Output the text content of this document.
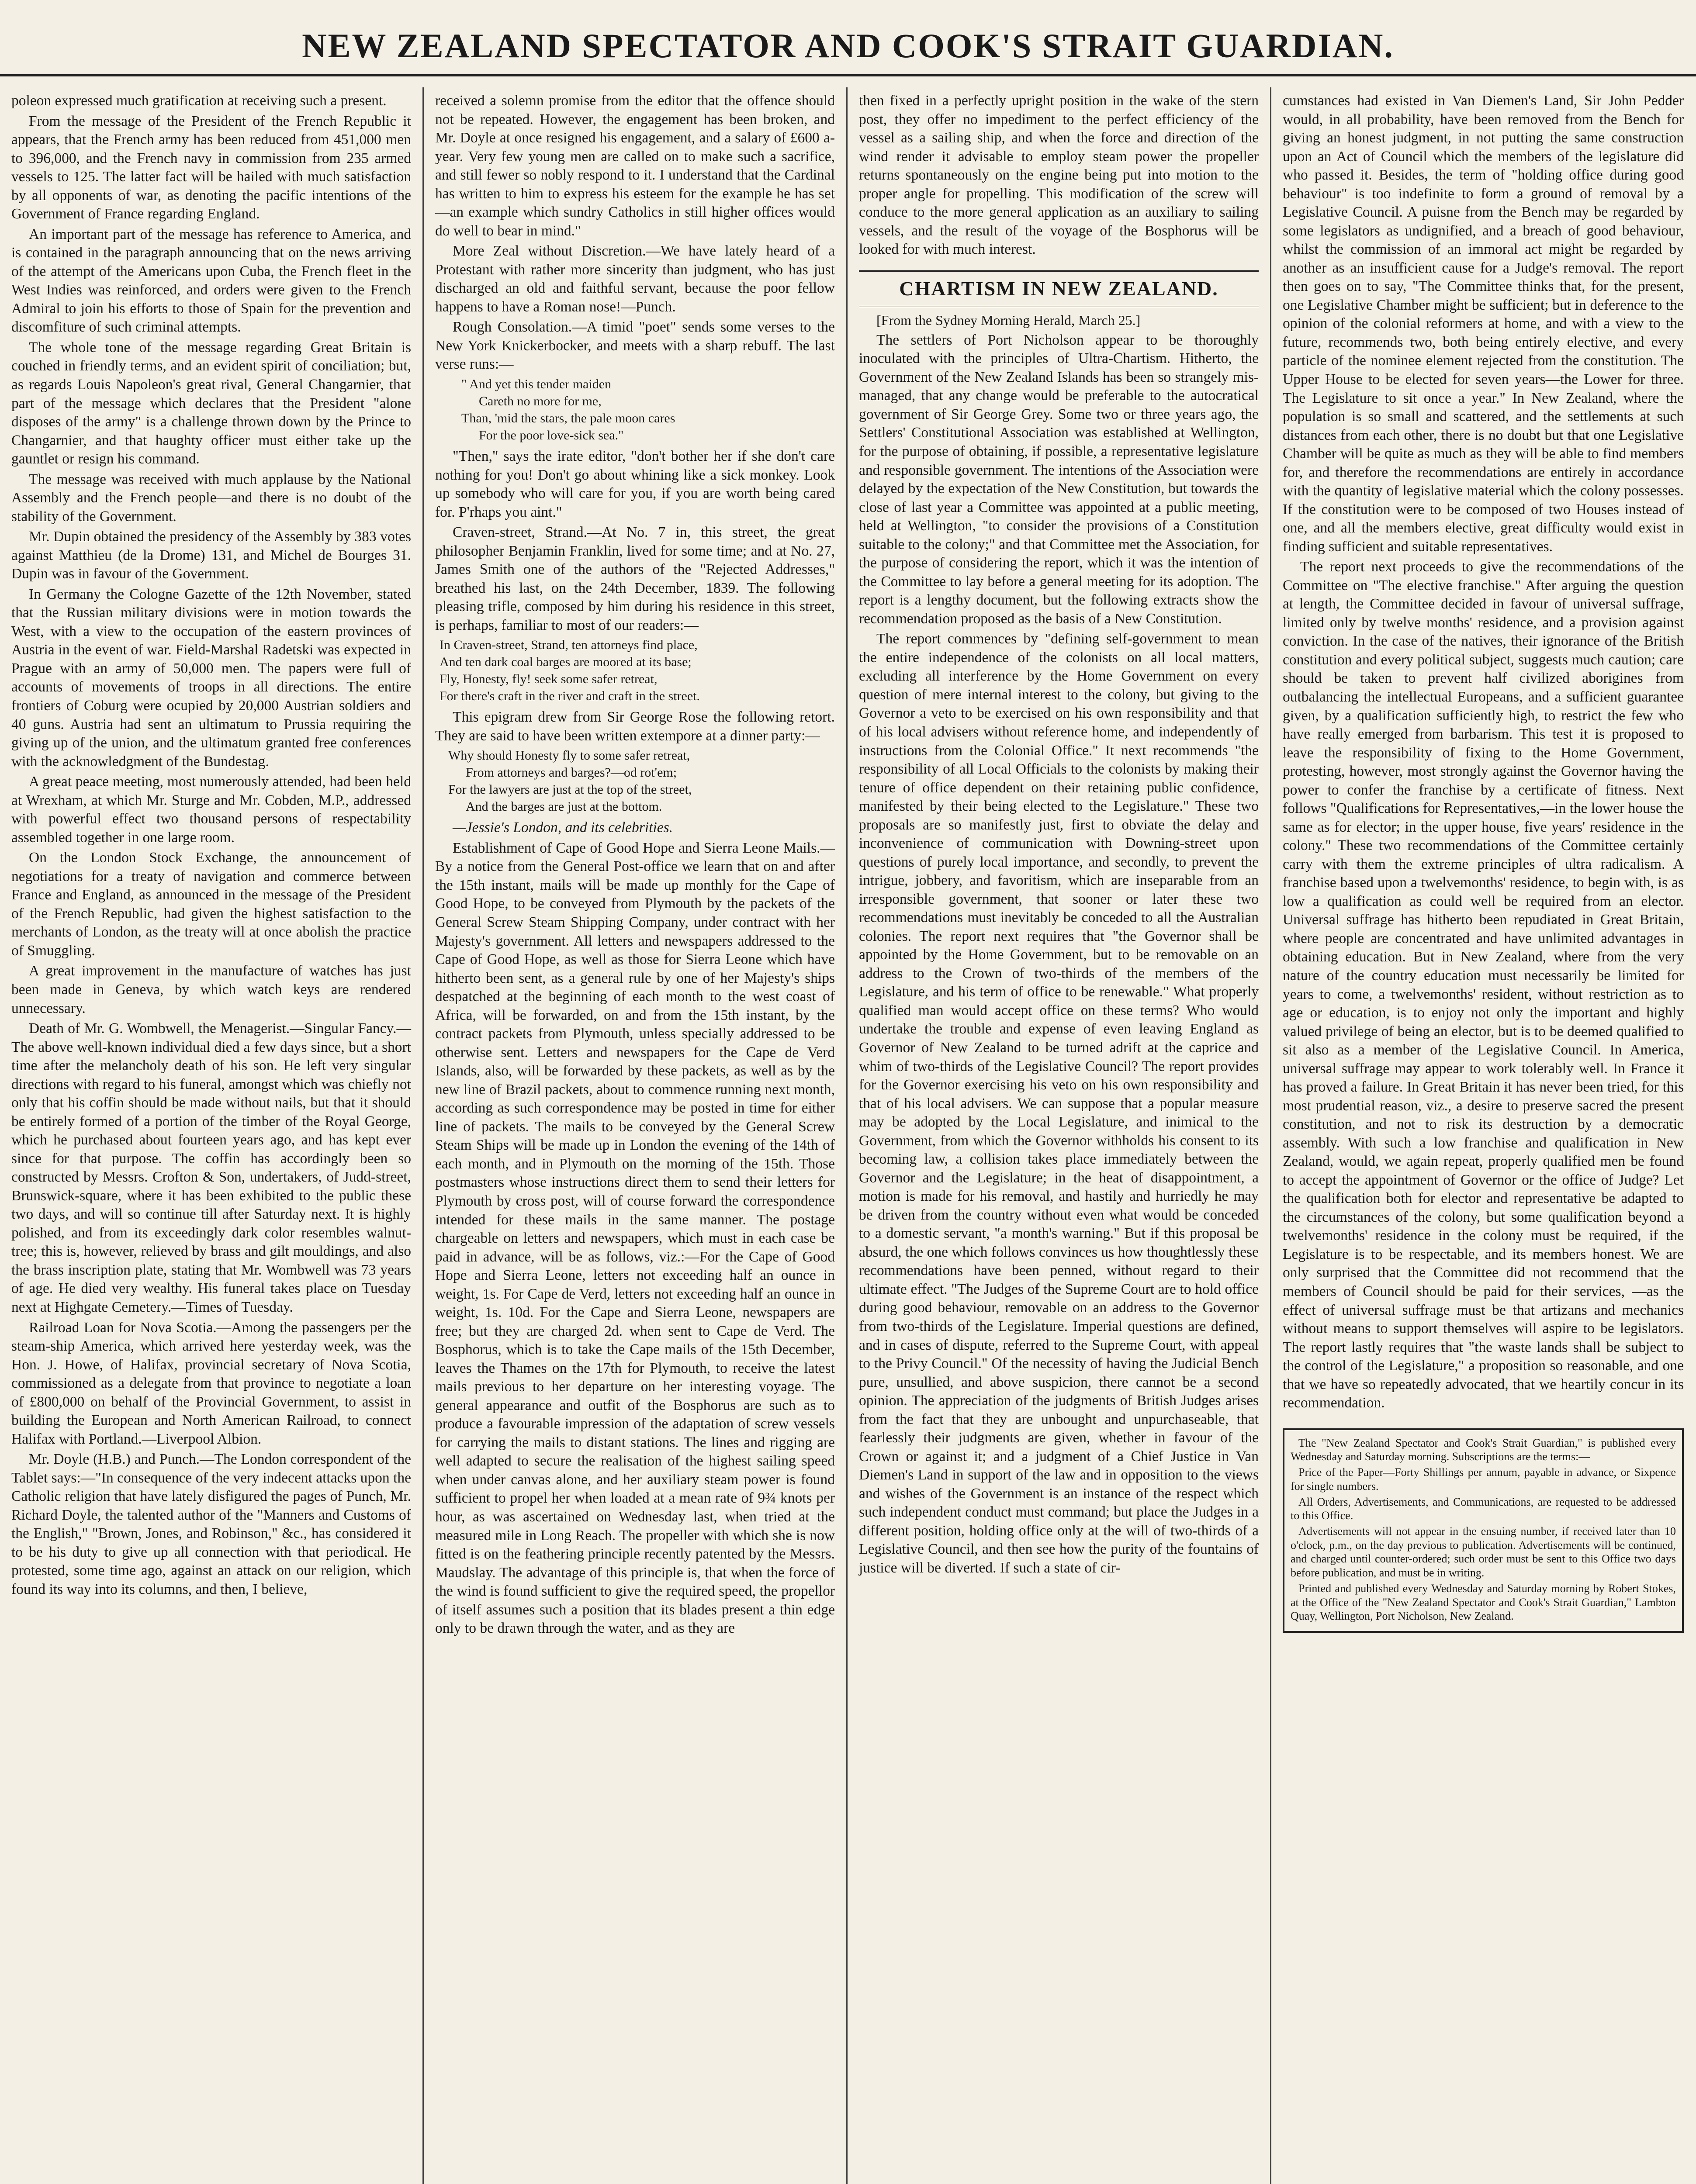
NEW ZEALAND SPECTATOR AND COOK'S STRAIT GUARDIAN.

poleon expressed much gratification at receiving such a present.

From the message of the President of the French Republic it appears, that the French army has been reduced from 451,000 men to 396,000, and the French navy in commission from 235 armed vessels to 125. The latter fact will be hailed with much satisfaction by all opponents of war, as denoting the pacific intentions of the Government of France regarding England.

An important part of the message has reference to America, and is contained in the paragraph announcing that on the news arriving of the attempt of the Americans upon Cuba, the French fleet in the West Indies was reinforced, and orders were given to the French Admiral to join his efforts to those of Spain for the prevention and discomfiture of such criminal attempts.

The whole tone of the message regarding Great Britain is couched in friendly terms, and an evident spirit of conciliation; but, as regards Louis Napoleon's great rival, General Changarnier, that part of the message which declares that the President "alone disposes of the army" is a challenge thrown down by the Prince to Changarnier, and that haughty officer must either take up the gauntlet or resign his command.

The message was received with much applause by the National Assembly and the French people—and there is no doubt of the stability of the Government.

Mr. Dupin obtained the presidency of the Assembly by 383 votes against Matthieu (de la Drome) 131, and Michel de Bourges 31. Dupin was in favour of the Government.

In Germany the Cologne Gazette of the 12th November, stated that the Russian military divisions were in motion towards the West, with a view to the occupation of the eastern provinces of Austria in the event of war. Field-Marshal Radetski was expected in Prague with an army of 50,000 men. The papers were full of accounts of movements of troops in all directions. The entire frontiers of Coburg were ocupied by 20,000 Austrian soldiers and 40 guns. Austria had sent an ultimatum to Prussia requiring the giving up of the union, and the ultimatum granted free conferences with the acknowledgment of the Bundestag.

A great peace meeting, most numerously attended, had been held at Wrexham, at which Mr. Sturge and Mr. Cobden, M.P., addressed with powerful effect two thousand persons of respectability assembled together in one large room.

On the London Stock Exchange, the announcement of negotiations for a treaty of navigation and commerce between France and England, as announced in the message of the President of the French Republic, had given the highest satisfaction to the merchants of London, as the treaty will at once abolish the practice of Smuggling.

A great improvement in the manufacture of watches has just been made in Geneva, by which watch keys are rendered unnecessary.

Death of Mr. G. Wombwell, the Menagerist.—Singular Fancy.—The above well-known individual died a few days since, but a short time after the melancholy death of his son. He left very singular directions with regard to his funeral, amongst which was chiefly not only that his coffin should be made without nails, but that it should be entirely formed of a portion of the timber of the Royal George, which he purchased about fourteen years ago, and has kept ever since for that purpose. The coffin has accordingly been so constructed by Messrs. Crofton & Son, undertakers, of Judd-street, Brunswick-square, where it has been exhibited to the public these two days, and will so continue till after Saturday next. It is highly polished, and from its exceedingly dark color resembles walnut-tree; this is, however, relieved by brass and gilt mouldings, and also the brass inscription plate, stating that Mr. Wombwell was 73 years of age. He died very wealthy. His funeral takes place on Tuesday next at Highgate Cemetery.—Times of Tuesday.

Railroad Loan for Nova Scotia.—Among the passengers per the steam-ship America, which arrived here yesterday week, was the Hon. J. Howe, of Halifax, provincial secretary of Nova Scotia, commissioned as a delegate from that province to negotiate a loan of £800,000 on behalf of the Provincial Government, to assist in building the European and North American Railroad, to connect Halifax with Portland.—Liverpool Albion.

Mr. Doyle (H.B.) and Punch.—The London correspondent of the Tablet says:—"In consequence of the very indecent attacks upon the Catholic religion that have lately disfigured the pages of Punch, Mr. Richard Doyle, the talented author of the "Manners and Customs of the English," "Brown, Jones, and Robinson," &c., has considered it to be his duty to give up all connection with that periodical. He protested, some time ago, against an attack on our religion, which found its way into its columns, and then, I believe,

received a solemn promise from the editor that the offence should not be repeated. However, the engagement has been broken, and Mr. Doyle at once resigned his engagement, and a salary of £600 a-year. Very few young men are called on to make such a sacrifice, and still fewer so nobly respond to it. I understand that the Cardinal has written to him to express his esteem for the example he has set—an example which sundry Catholics in still higher offices would do well to bear in mind."

More Zeal without Discretion.—We have lately heard of a Protestant with rather more sincerity than judgment, who has just discharged an old and faithful servant, because the poor fellow happens to have a Roman nose!—Punch.

Rough Consolation.—A timid "poet" sends some verses to the New York Knickerbocker, and meets with a sharp rebuff. The last verse runs:—

" And yet this tender maiden
Careth no more for me,
Than, 'mid the stars, the pale moon cares
For the poor love-sick sea."

"Then," says the irate editor, "don't bother her if she don't care nothing for you! Don't go about whining like a sick monkey. Look up somebody who will care for you, if you are worth being cared for. P'rhaps you aint."

Craven-street, Strand.—At No. 7 in, this street, the great philosopher Benjamin Franklin, lived for some time; and at No. 27, James Smith one of the authors of the "Rejected Addresses," breathed his last, on the 24th December, 1839. The following pleasing trifle, composed by him during his residence in this street, is perhaps, familiar to most of our readers:—

In Craven-street, Strand, ten attorneys find place,
And ten dark coal barges are moored at its base;
Fly, Honesty, fly! seek some safer retreat,
For there's craft in the river and craft in the street.

This epigram drew from Sir George Rose the following retort. They are said to have been written extempore at a dinner party:—

Why should Honesty fly to some safer retreat,
From attorneys and barges?—od rot'em;
For the lawyers are just at the top of the street,
And the barges are just at the bottom.

—Jessie's London, and its celebrities.

Establishment of Cape of Good Hope and Sierra Leone Mails.—By a notice from the General Post-office we learn that on and after the 15th instant, mails will be made up monthly for the Cape of Good Hope, to be conveyed from Plymouth by the packets of the General Screw Steam Shipping Company, under contract with her Majesty's government. All letters and newspapers addressed to the Cape of Good Hope, as well as those for Sierra Leone which have hitherto been sent, as a general rule by one of her Majesty's ships despatched at the beginning of each month to the west coast of Africa, will be forwarded, on and from the 15th instant, by the contract packets from Plymouth, unless specially addressed to be otherwise sent. Letters and newspapers for the Cape de Verd Islands, also, will be forwarded by these packets, as well as by the new line of Brazil packets, about to commence running next month, according as such correspondence may be posted in time for either line of packets. The mails to be conveyed by the General Screw Steam Ships will be made up in London the evening of the 14th of each month, and in Plymouth on the morning of the 15th. Those postmasters whose instructions direct them to send their letters for Plymouth by cross post, will of course forward the correspondence intended for these mails in the same manner. The postage chargeable on letters and newspapers, which must in each case be paid in advance, will be as follows, viz.:—For the Cape of Good Hope and Sierra Leone, letters not exceeding half an ounce in weight, 1s. For Cape de Verd, letters not exceeding half an ounce in weight, 1s. 10d. For the Cape and Sierra Leone, newspapers are free; but they are charged 2d. when sent to Cape de Verd. The Bosphorus, which is to take the Cape mails of the 15th December, leaves the Thames on the 17th for Plymouth, to receive the latest mails previous to her departure on her interesting voyage. The general appearance and outfit of the Bosphorus are such as to produce a favourable impression of the adaptation of screw vessels for carrying the mails to distant stations. The lines and rigging are well adapted to secure the realisation of the highest sailing speed when under canvas alone, and her auxiliary steam power is found sufficient to propel her when loaded at a mean rate of 9¾ knots per hour, as was ascertained on Wednesday last, when tried at the measured mile in Long Reach. The propeller with which she is now fitted is on the feathering principle recently patented by the Messrs. Maudslay. The advantage of this principle is, that when the force of the wind is found sufficient to give the required speed, the propellor of itself assumes such a position that its blades present a thin edge only to be drawn through the water, and as they are

then fixed in a perfectly upright position in the wake of the stern post, they offer no impediment to the perfect efficiency of the vessel as a sailing ship, and when the force and direction of the wind render it advisable to employ steam power the propeller returns spontaneously on the engine being put into motion to the proper angle for propelling. This modification of the screw will conduce to the more general application as an auxiliary to sailing vessels, and the result of the voyage of the Bosphorus will be looked for with much interest.

CHARTISM IN NEW ZEALAND.

[From the Sydney Morning Herald, March 25.]

The settlers of Port Nicholson appear to be thoroughly inoculated with the principles of Ultra-Chartism. Hitherto, the Government of the New Zealand Islands has been so strangely mis-managed, that any change would be preferable to the autocratical government of Sir George Grey. Some two or three years ago, the Settlers' Constitutional Association was established at Wellington, for the purpose of obtaining, if possible, a representative legislature and responsible government. The intentions of the Association were delayed by the expectation of the New Constitution, but towards the close of last year a Committee was appointed at a public meeting, held at Wellington, "to consider the provisions of a Constitution suitable to the colony;" and that Committee met the Association, for the purpose of considering the report, which it was the intention of the Committee to lay before a general meeting for its adoption. The report is a lengthy document, but the following extracts show the recommendation proposed as the basis of a New Constitution.

The report commences by "defining self-government to mean the entire independence of the colonists on all local matters, excluding all interference by the Home Government on every question of mere internal interest to the colony, but giving to the Governor a veto to be exercised on his own responsibility and that of his local advisers without reference home, and independently of instructions from the Colonial Office." It next recommends "the responsibility of all Local Officials to the colonists by making their tenure of office dependent on their retaining public confidence, manifested by their being elected to the Legislature." These two proposals are so manifestly just, first to obviate the delay and inconvenience of communication with Downing-street upon questions of purely local importance, and secondly, to prevent the intrigue, jobbery, and favoritism, which are inseparable from an irresponsible government, that sooner or later these two recommendations must inevitably be conceded to all the Australian colonies. The report next requires that "the Governor shall be appointed by the Home Government, but to be removable on an address to the Crown of two-thirds of the members of the Legislature, and his term of office to be renewable." What properly qualified man would accept office on these terms? Who would undertake the trouble and expense of even leaving England as Governor of New Zealand to be turned adrift at the caprice and whim of two-thirds of the Legislative Council? The report provides for the Governor exercising his veto on his own responsibility and that of his local advisers. We can suppose that a popular measure may be adopted by the Local Legislature, and inimical to the Government, from which the Governor withholds his consent to its becoming law, a collision takes place immediately between the Governor and the Legislature; in the heat of disappointment, a motion is made for his removal, and hastily and hurriedly he may be driven from the country without even what would be conceded to a domestic servant, "a month's warning." But if this proposal be absurd, the one which follows convinces us how thoughtlessly these recommendations have been penned, without regard to their ultimate effect. "The Judges of the Supreme Court are to hold office during good behaviour, removable on an address to the Governor from two-thirds of the Legislature. Imperial questions are defined, and in cases of dispute, referred to the Supreme Court, with appeal to the Privy Council." Of the necessity of having the Judicial Bench pure, unsullied, and above suspicion, there cannot be a second opinion. The appreciation of the judgments of British Judges arises from the fact that they are unbought and unpurchaseable, that fearlessly their judgments are given, whether in favour of the Crown or against it; and a judgment of a Chief Justice in Van Diemen's Land in support of the law and in opposition to the views and wishes of the Government is an instance of the respect which such independent conduct must command; but place the Judges in a different position, holding office only at the will of two-thirds of a Legislative Council, and then see how the purity of the fountains of justice will be diverted. If such a state of cir-

cumstances had existed in Van Diemen's Land, Sir John Pedder would, in all probability, have been removed from the Bench for giving an honest judgment, in not putting the same construction upon an Act of Council which the members of the legislature did who passed it. Besides, the term of "holding office during good behaviour" is too indefinite to form a ground of removal by a Legislative Council. A puisne from the Bench may be regarded by some legislators as undignified, and a breach of good behaviour, whilst the commission of an immoral act might be regarded by another as an insufficient cause for a Judge's removal. The report then goes on to say, "The Committee thinks that, for the present, one Legislative Chamber might be sufficient; but in deference to the opinion of the colonial reformers at home, and with a view to the future, recommends two, both being entirely elective, and every particle of the nominee element rejected from the constitution. The Upper House to be elected for seven years—the Lower for three. The Legislature to sit once a year." In New Zealand, where the population is so small and scattered, and the settlements at such distances from each other, there is no doubt but that one Legislative Chamber will be quite as much as they will be able to find members for, and therefore the recommendations are entirely in accordance with the quantity of legislative material which the colony possesses. If the constitution were to be composed of two Houses instead of one, and all the members elective, great difficulty would exist in finding sufficient and suitable representatives.

The report next proceeds to give the recommendations of the Committee on "The elective franchise." After arguing the question at length, the Committee decided in favour of universal suffrage, limited only by twelve months' residence, and a provision against conviction. In the case of the natives, their ignorance of the British constitution and every political subject, suggests much caution; care should be taken to prevent half civilized aborigines from outbalancing the intellectual Europeans, and a sufficient guarantee given, by a qualification sufficiently high, to restrict the few who have really emerged from barbarism. This test it is proposed to leave the responsibility of fixing to the Home Government, protesting, however, most strongly against the Governor having the power to confer the franchise by a certificate of fitness. Next follows "Qualifications for Representatives,—in the lower house the same as for elector; in the upper house, five years' residence in the colony." These two recommendations of the Committee certainly carry with them the extreme principles of ultra radicalism. A franchise based upon a twelvemonths' residence, to begin with, is as low a qualification as could well be required from an elector. Universal suffrage has hitherto been repudiated in Great Britain, where people are concentrated and have unlimited advantages in obtaining education. But in New Zealand, where from the very nature of the country education must necessarily be limited for years to come, a twelvemonths' resident, without restriction as to age or education, is to enjoy not only the important and highly valued privilege of being an elector, but is to be deemed qualified to sit also as a member of the Legislative Council. In America, universal suffrage may appear to work tolerably well. In France it has proved a failure. In Great Britain it has never been tried, for this most prudential reason, viz., a desire to preserve sacred the present constitution, and not to risk its destruction by a democratic assembly. With such a low franchise and qualification in New Zealand, would, we again repeat, properly qualified men be found to accept the appointment of Governor or the office of Judge? Let the qualification both for elector and representative be adapted to the circumstances of the colony, but some qualification beyond a twelvemonths' residence in the colony must be required, if the Legislature is to be respectable, and its members honest. We are only surprised that the Committee did not recommend that the members of Council should be paid for their services, —as the effect of universal suffrage must be that artizans and mechanics without means to support themselves will aspire to be legislators. The report lastly requires that "the waste lands shall be subject to the control of the Legislature," a proposition so reasonable, and one that we have so repeatedly advocated, that we heartily concur in its recommendation.

The "New Zealand Spectator and Cook's Strait Guardian," is published every Wednesday and Saturday morning. Subscriptions are the terms:—

Price of the Paper—Forty Shillings per annum, payable in advance, or Sixpence for single numbers.

All Orders, Advertisements, and Communications, are requested to be addressed to this Office.

Advertisements will not appear in the ensuing number, if received later than 10 o'clock, p.m., on the day previous to publication. Advertisements will be continued, and charged until counter-ordered; such order must be sent to this Office two days before publication, and must be in writing.

Printed and published every Wednesday and Saturday morning by Robert Stokes, at the Office of the "New Zealand Spectator and Cook's Strait Guardian," Lambton Quay, Wellington, Port Nicholson, New Zealand.
